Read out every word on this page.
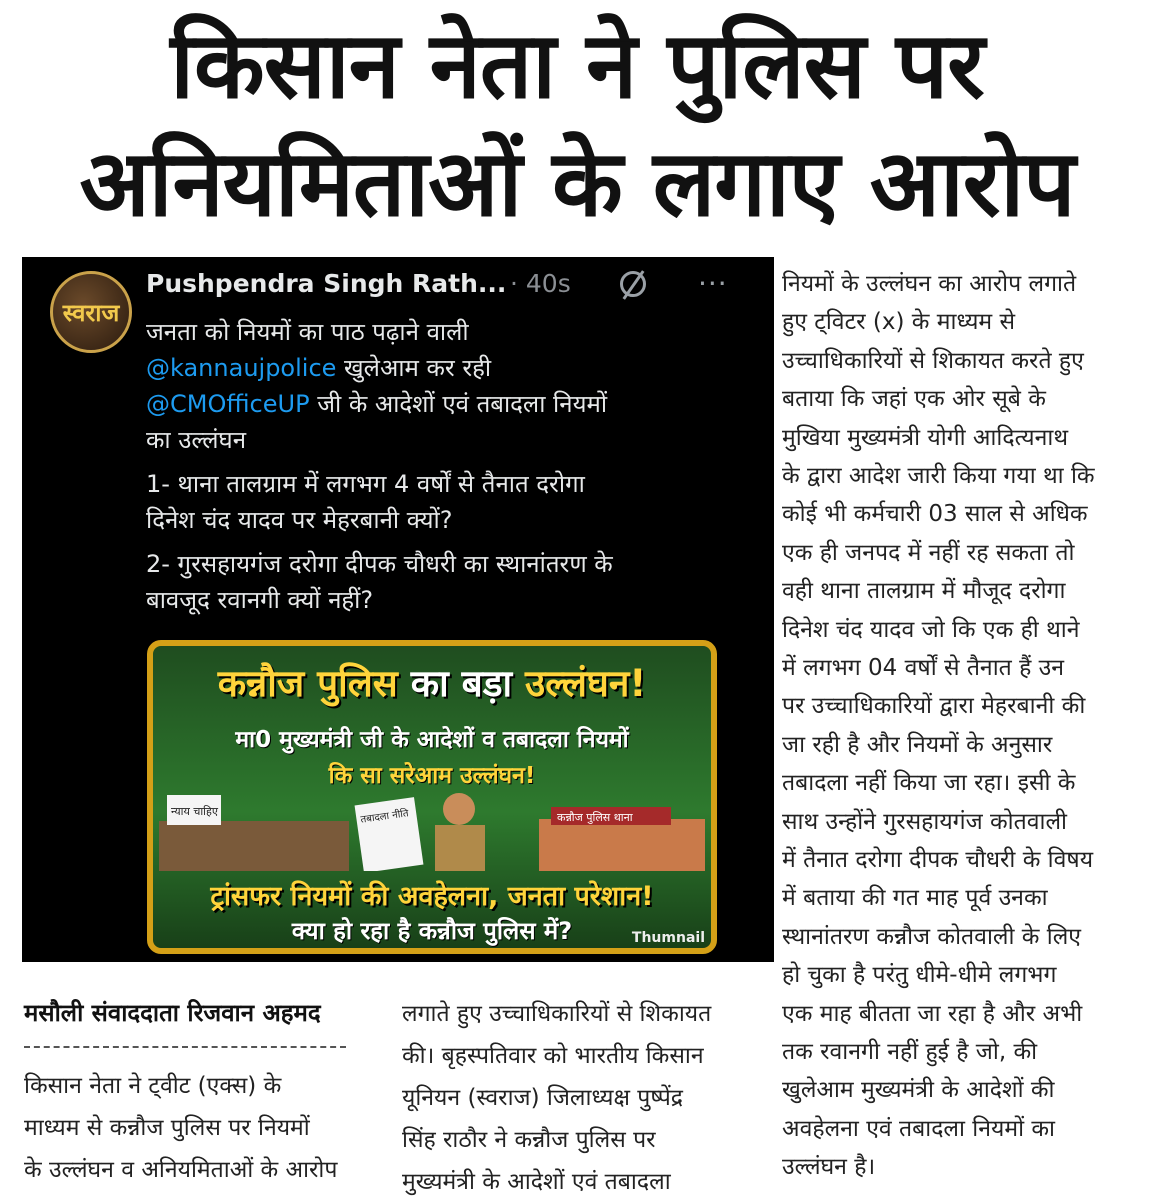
किसान नेता ने पुलिस पर
अनियमिताओं के लगाए आरोप
स्वराज
Pushpendra Singh Rath... · 40s	···
जनता को नियमों का पाठ पढ़ाने वाली
@kannaujpolice खुलेआम कर रही
@CMOfficeUP जी के आदेशों एवं तबादला नियमों
का उल्लंघन
1- थाना तालग्राम में लगभग 4 वर्षों से तैनात दरोगा
दिनेश चंद यादव पर मेहरबानी क्यों?
2- गुरसहायगंज दरोगा दीपक चौधरी का स्थानांतरण के
बावजूद रवानगी क्यों नहीं?
कन्नौज पुलिस का बड़ा उल्लंघन!
मा0 मुख्यमंत्री जी के आदेशों व तबादला नियमों
कि सा सरेआम उल्लंघन!
न्याय चाहिए	तबादला नीति	कन्नौज पुलिस थाना
ट्रांसफर नियमों की अवहेलना, जनता परेशान!
क्या हो रहा है कन्नौज पुलिस में?	Thumnail
मसौली संवाददाता रिजवान अहमद
किसान नेता ने ट्वीट (एक्स) के
माध्यम से कन्नौज पुलिस पर नियमों
के उल्लंघन व अनियमिताओं के आरोप
लगाते हुए उच्चाधिकारियों से शिकायत
की। बृहस्पतिवार को भारतीय किसान
यूनियन (स्वराज) जिलाध्यक्ष पुष्पेंद्र
सिंह राठौर ने कन्नौज पुलिस पर
मुख्यमंत्री के आदेशों एवं तबादला
नियमों के उल्लंघन का आरोप लगाते
हुए ट्विटर (x) के माध्यम से
उच्चाधिकारियों से शिकायत करते हुए
बताया कि जहां एक ओर सूबे के
मुखिया मुख्यमंत्री योगी आदित्यनाथ
के द्वारा आदेश जारी किया गया था कि
कोई भी कर्मचारी 03 साल से अधिक
एक ही जनपद में नहीं रह सकता तो
वही थाना तालग्राम में मौजूद दरोगा
दिनेश चंद यादव जो कि एक ही थाने
में लगभग 04 वर्षों से तैनात हैं उन
पर उच्चाधिकारियों द्वारा मेहरबानी की
जा रही है और नियमों के अनुसार
तबादला नहीं किया जा रहा। इसी के
साथ उन्होंने गुरसहायगंज कोतवाली
में तैनात दरोगा दीपक चौधरी के विषय
में बताया की गत माह पूर्व उनका
स्थानांतरण कन्नौज कोतवाली के लिए
हो चुका है परंतु धीमे-धीमे लगभग
एक माह बीतता जा रहा है और अभी
तक रवानगी नहीं हुई है जो, की
खुलेआम मुख्यमंत्री के आदेशों की
अवहेलना एवं तबादला नियमों का
उल्लंघन है।
